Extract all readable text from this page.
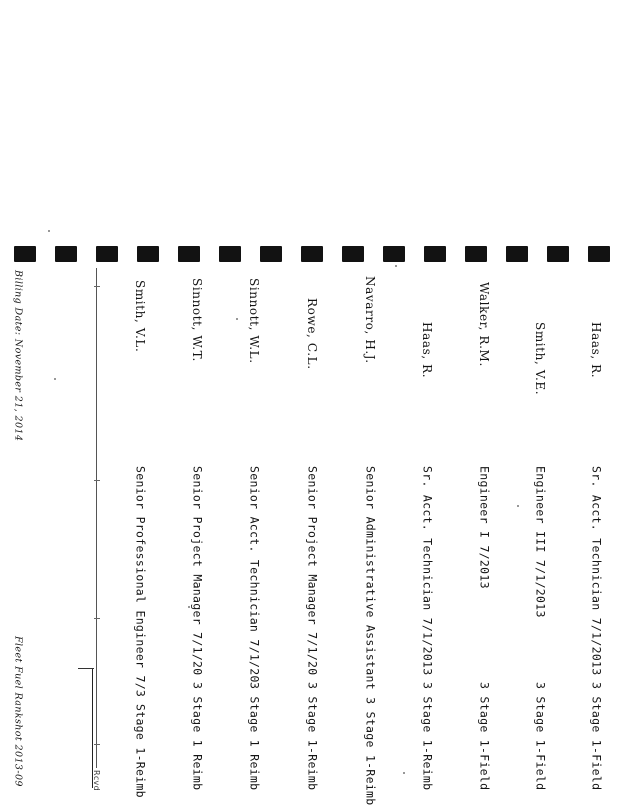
Haas, R.
Sr. Acct. Technician 7/1/2013
3 Stage 1-Field
Smith, V.E.
Engineer III 7/1/2013
3 Stage 1-Field
Walker, R.M.
Engineer I 7/2013
3 Stage 1-Field
Haas, R.
Sr. Acct. Technician 7/1/2013
3 Stage 1-Reimb
Navarro, H.J.
Senior Administrative Assistant 3 Stage 1-Reimb
Rowe, C.L.
Senior Project Manager 7/1/20
3 Stage 1-Reimb
Sinnott, W.L.
Senior Acct. Technician 7/1/20
3 Stage 1 Reimb
Sinnott, W.T.
Senior Project Manager 7/1/20
3 Stage 1 Reimb
Smith, V.L.
Senior Professional Engineer 7/3
Stage 1-Reimb
Rcvd
Billing Date: November 21, 2014
Fleet Fuel Rankshot 2013-09
